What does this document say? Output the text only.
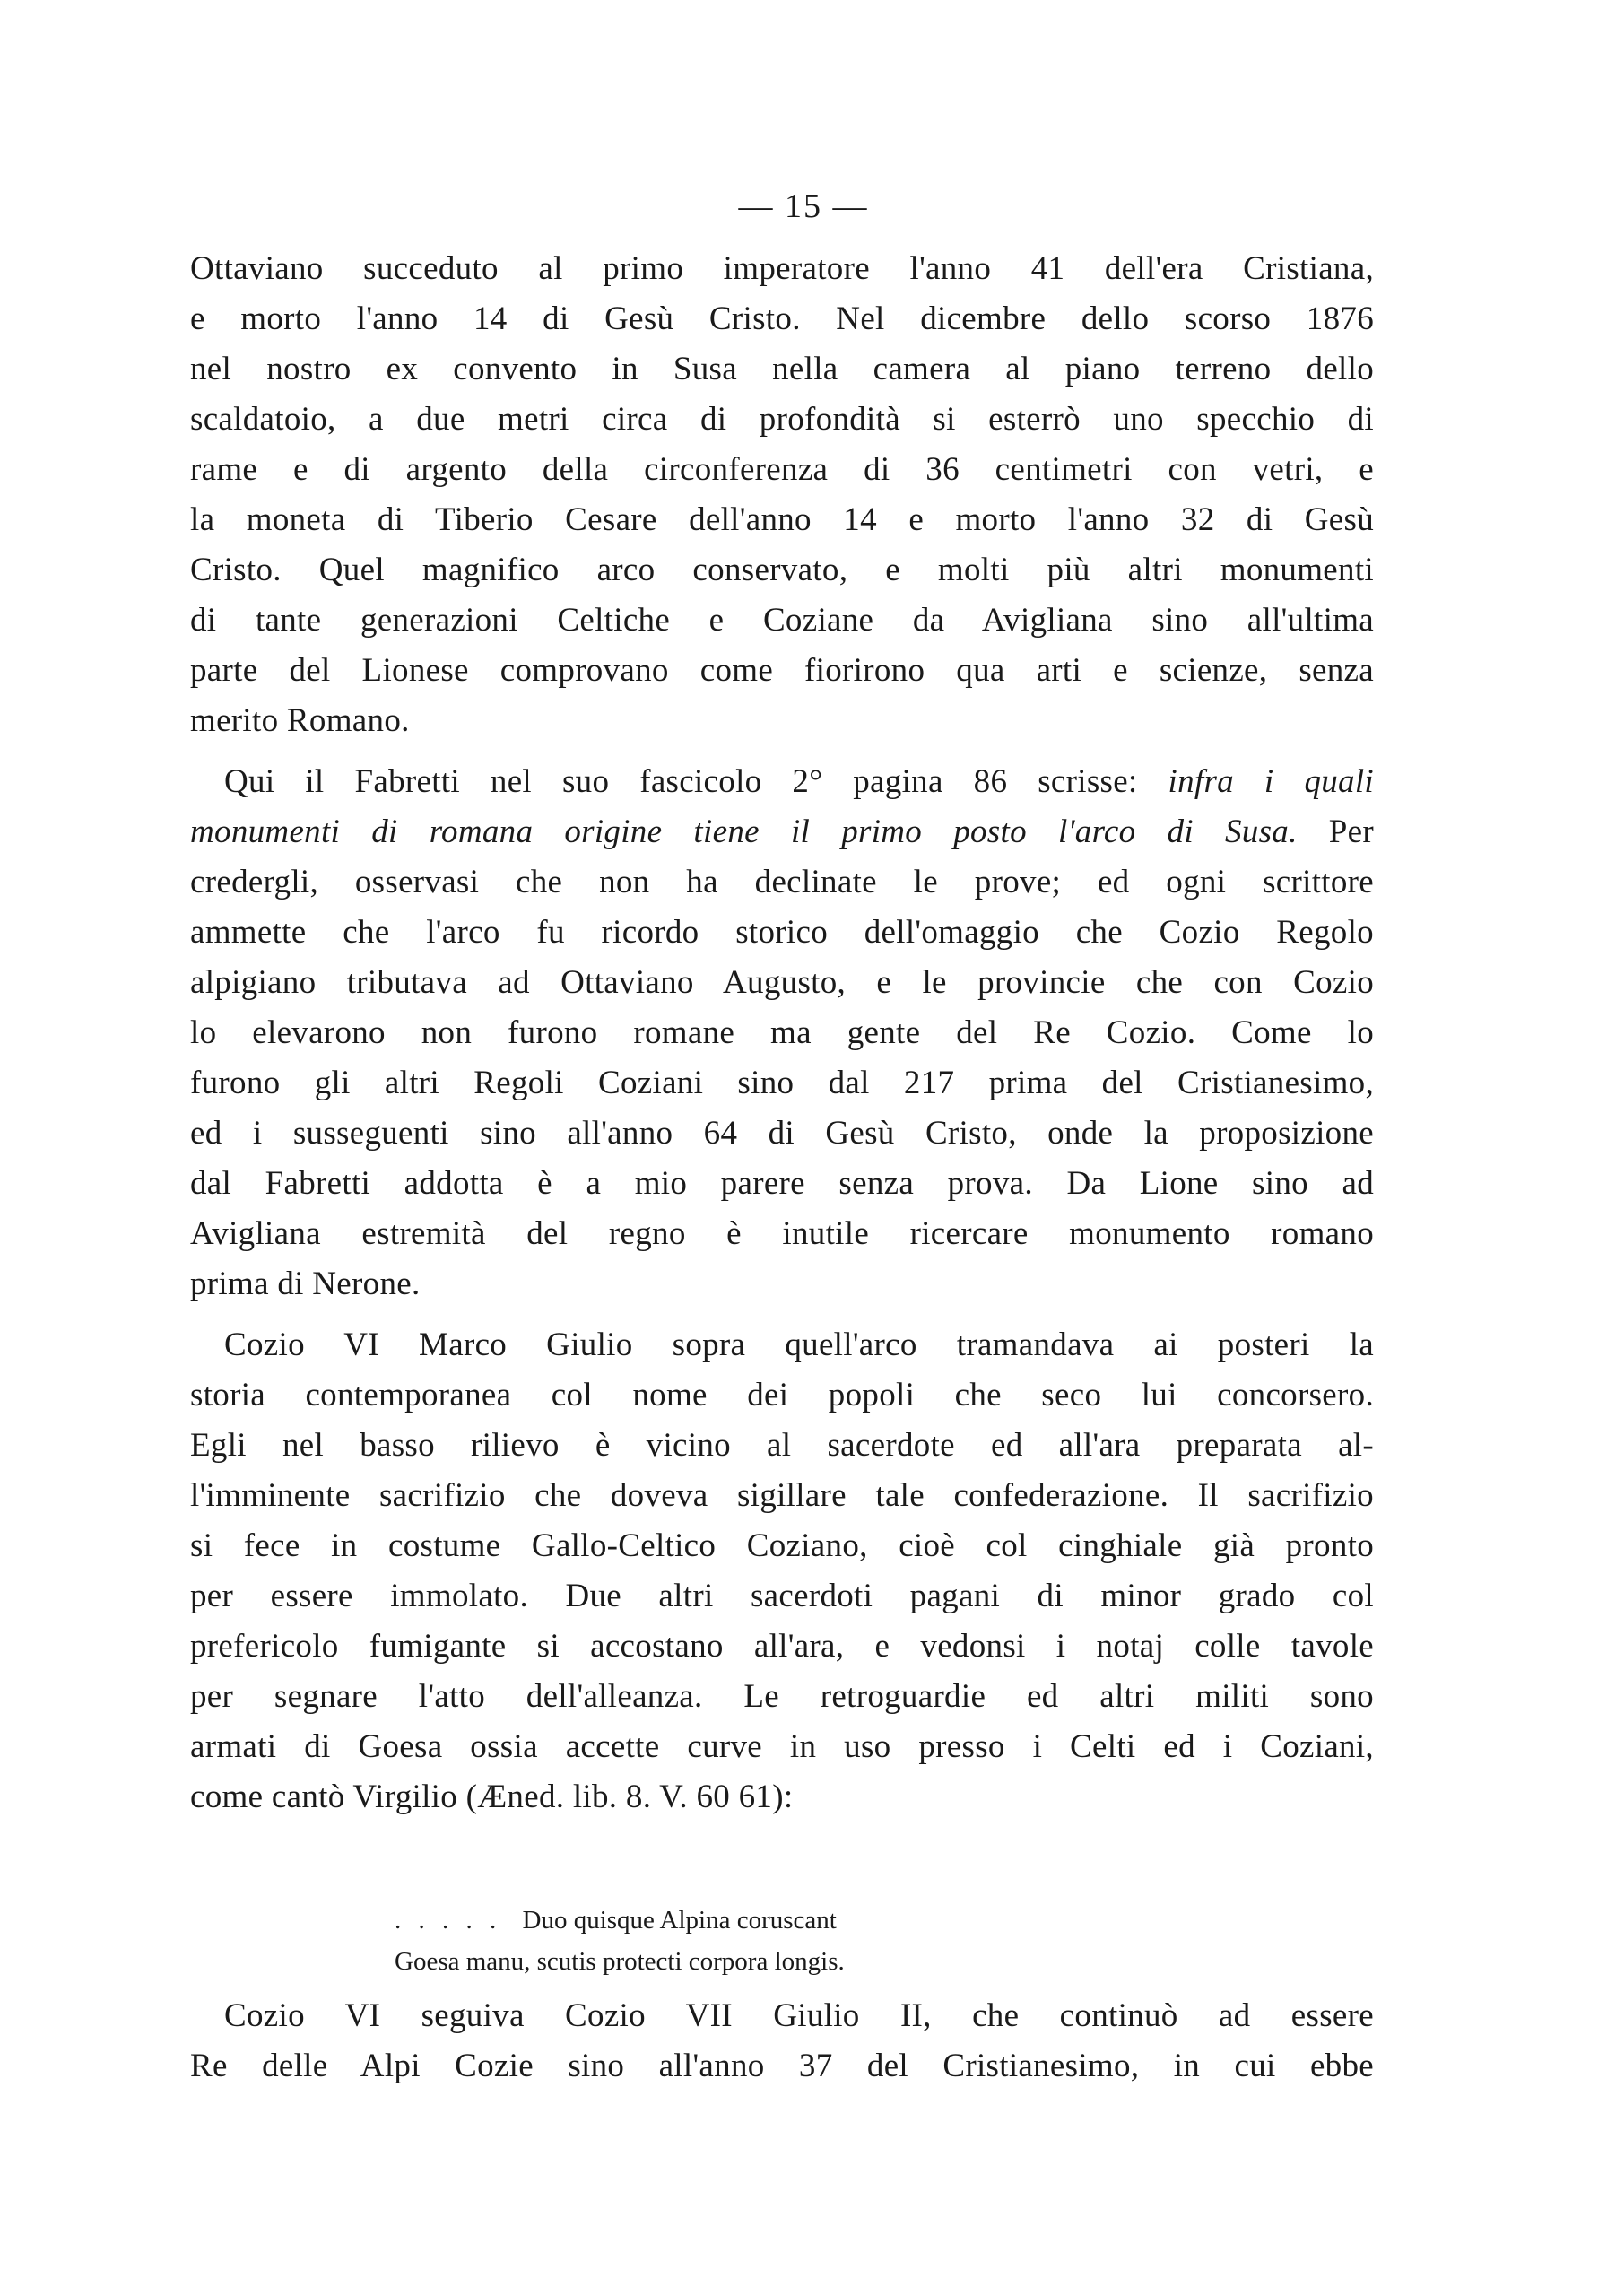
— 15 —
Ottaviano succeduto al primo imperatore l'anno 41 dell'era Cristiana,
e morto l'anno 14 di Gesù Cristo. Nel dicembre dello scorso 1876
nel nostro ex convento in Susa nella camera al piano terreno dello
scaldatoio, a due metri circa di profondità si esterrò uno specchio di
rame e di argento della circonferenza di 36 centimetri con vetri, e
la moneta di Tiberio Cesare dell'anno 14 e morto l'anno 32 di Gesù
Cristo. Quel magnifico arco conservato, e molti più altri monumenti
di tante generazioni Celtiche e Coziane da Avigliana sino all'ultima
parte del Lionese comprovano come fiorirono qua arti e scienze, senza
merito Romano.
Qui il Fabretti nel suo fascicolo 2° pagina 86 scrisse: infra i quali
monumenti di romana origine tiene il primo posto l'arco di Susa. Per
credergli, osservasi che non ha declinate le prove; ed ogni scrittore
ammette che l'arco fu ricordo storico dell'omaggio che Cozio Regolo
alpigiano tributava ad Ottaviano Augusto, e le provincie che con Cozio
lo elevarono non furono romane ma gente del Re Cozio. Come lo
furono gli altri Regoli Coziani sino dal 217 prima del Cristianesimo,
ed i susseguenti sino all'anno 64 di Gesù Cristo, onde la proposizione
dal Fabretti addotta è a mio parere senza prova. Da Lione sino ad
Avigliana estremità del regno è inutile ricercare monumento romano
prima di Nerone.
Cozio VI Marco Giulio sopra quell'arco tramandava ai posteri la
storia contemporanea col nome dei popoli che seco lui concorsero.
Egli nel basso rilievo è vicino al sacerdote ed all'ara preparata al-
l'imminente sacrifizio che doveva sigillare tale confederazione. Il sacrifizio
si fece in costume Gallo-Celtico Coziano, cioè col cinghiale già pronto
per essere immolato. Due altri sacerdoti pagani di minor grado col
prefericolo fumigante si accostano all'ara, e vedonsi i notaj colle tavole
per segnare l'atto dell'alleanza. Le retroguardie ed altri militi sono
armati di Goesa ossia accette curve in uso presso i Celti ed i Coziani,
come cantò Virgilio (Æned. lib. 8. V. 60 61):
. . . . . Duo quisque Alpina coruscant
Goesa manu, scutis protecti corpora longis.
Cozio VI seguiva Cozio VII Giulio II, che continuò ad essere
Re delle Alpi Cozie sino all'anno 37 del Cristianesimo, in cui ebbe
